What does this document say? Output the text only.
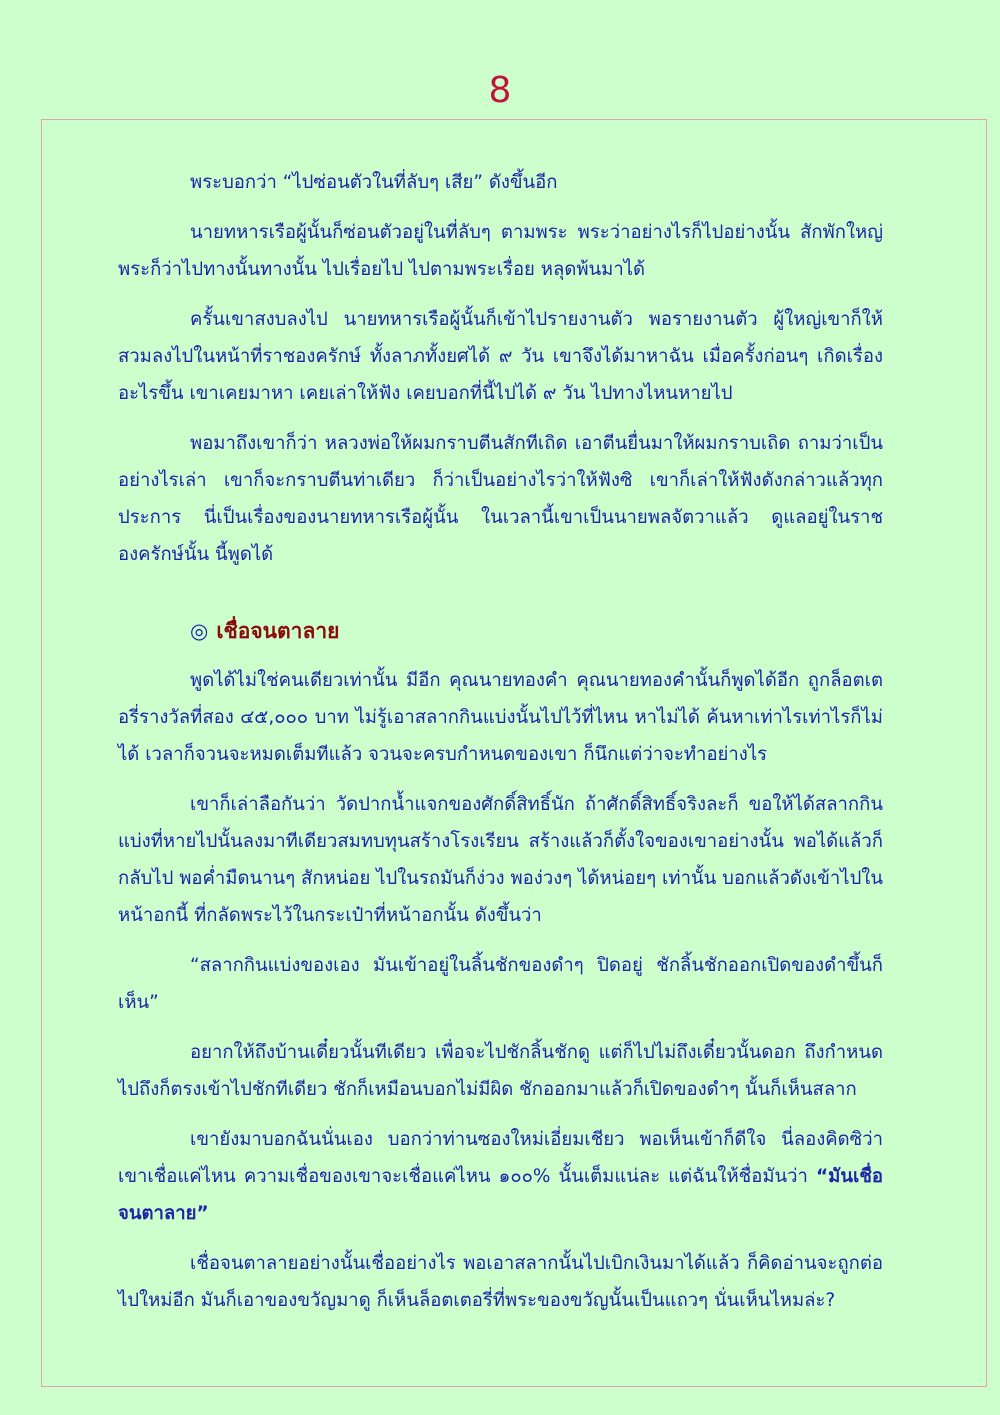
8

พระบอกว่า “ไปซ่อนตัวในที่ลับๆ เสีย” ดังขึ้นอีก

นายทหารเรือผู้นั้นก็ซ่อนตัวอยู่ในที่ลับๆ ตามพระ พระว่าอย่างไรก็ไปอย่างนั้น สักพักใหญ่ พระก็ว่าไปทางนั้นทางนั้น ไปเรื่อยไป ไปตามพระเรื่อย หลุดพ้นมาได้

ครั้นเขาสงบลงไป นายทหารเรือผู้นั้นก็เข้าไปรายงานตัว พอรายงานตัว ผู้ใหญ่เขาก็ให้สวมลงไปในหน้าที่ราชองครักษ์ ทั้งลาภทั้งยศได้ ๙ วัน เขาจึงได้มาหาฉัน เมื่อครั้งก่อนๆ เกิดเรื่องอะไรขึ้น เขาเคยมาหา เคยเล่าให้ฟัง เคยบอกที่นี้ไปได้ ๙ วัน ไปทางไหนหายไป

พอมาถึงเขาก็ว่า หลวงพ่อให้ผมกราบตีนสักทีเถิด เอาตีนยื่นมาให้ผมกราบเถิด ถามว่าเป็นอย่างไรเล่า เขาก็จะกราบตีนท่าเดียว ก็ว่าเป็นอย่างไรว่าให้ฟังซิ เขาก็เล่าให้ฟังดังกล่าวแล้วทุกประการ นี่เป็นเรื่องของนายทหารเรือผู้นั้น ในเวลานี้เขาเป็นนายพลจัตวาแล้ว ดูแลอยู่ในราชองครักษ์นั้น นี้พูดได้

◎ เชื่อจนตาลาย

พูดได้ไม่ใช่คนเดียวเท่านั้น มีอีก คุณนายทองคำ คุณนายทองคำนั้นก็พูดได้อีก ถูกล็อตเตอรี่รางวัลที่สอง ๔๕,๐๐๐ บาท ไม่รู้เอาสลากกินแบ่งนั้นไปไว้ที่ไหน หาไม่ได้ ค้นหาเท่าไรเท่าไรก็ไม่ได้ เวลาก็จวนจะหมดเต็มทีแล้ว จวนจะครบกำหนดของเขา ก็นึกแต่ว่าจะทำอย่างไร

เขาก็เล่าลือกันว่า วัดปากน้ำแจกของศักดิ์สิทธิ์นัก ถ้าศักดิ์สิทธิ์จริงละก็ ขอให้ได้สลากกินแบ่งที่หายไปนั้นลงมาทีเดียวสมทบทุนสร้างโรงเรียน สร้างแล้วก็ตั้งใจของเขาอย่างนั้น พอได้แล้วก็กลับไป พอค่ำมืดนานๆ สักหน่อย ไปในรถมันก็ง่วง พอง่วงๆ ได้หน่อยๆ เท่านั้น บอกแล้วดังเข้าไปในหน้าอกนี้ ที่กลัดพระไว้ในกระเป๋าที่หน้าอกนั้น ดังขึ้นว่า

“สลากกินแบ่งของเอง มันเข้าอยู่ในลิ้นชักของดำๆ ปิดอยู่ ชักลิ้นชักออกเปิดของดำขึ้นก็เห็น”

อยากให้ถึงบ้านเดี๋ยวนั้นทีเดียว เพื่อจะไปชักลิ้นชักดู แต่ก็ไปไม่ถึงเดี๋ยวนั้นดอก ถึงกำหนดไปถึงก็ตรงเข้าไปชักทีเดียว ชักก็เหมือนบอกไม่มีผิด ชักออกมาแล้วก็เปิดของดำๆ นั้นก็เห็นสลาก

เขายังมาบอกฉันนั่นเอง บอกว่าท่านซองใหม่เอี่ยมเชียว พอเห็นเข้าก็ดีใจ นี่ลองคิดซิว่าเขาเชื่อแค่ไหน ความเชื่อของเขาจะเชื่อแค่ไหน ๑๐๐% นั้นเต็มแน่ละ แต่ฉันให้ชื่อมันว่า “มันเชื่อจนตาลาย”

เชื่อจนตาลายอย่างนั้นเชื่ออย่างไร พอเอาสลากนั้นไปเบิกเงินมาได้แล้ว ก็คิดอ่านจะถูกต่อไปใหม่อีก มันก็เอาของขวัญมาดู ก็เห็นล็อตเตอรี่ที่พระของขวัญนั้นเป็นแถวๆ นั่นเห็นไหมล่ะ?
